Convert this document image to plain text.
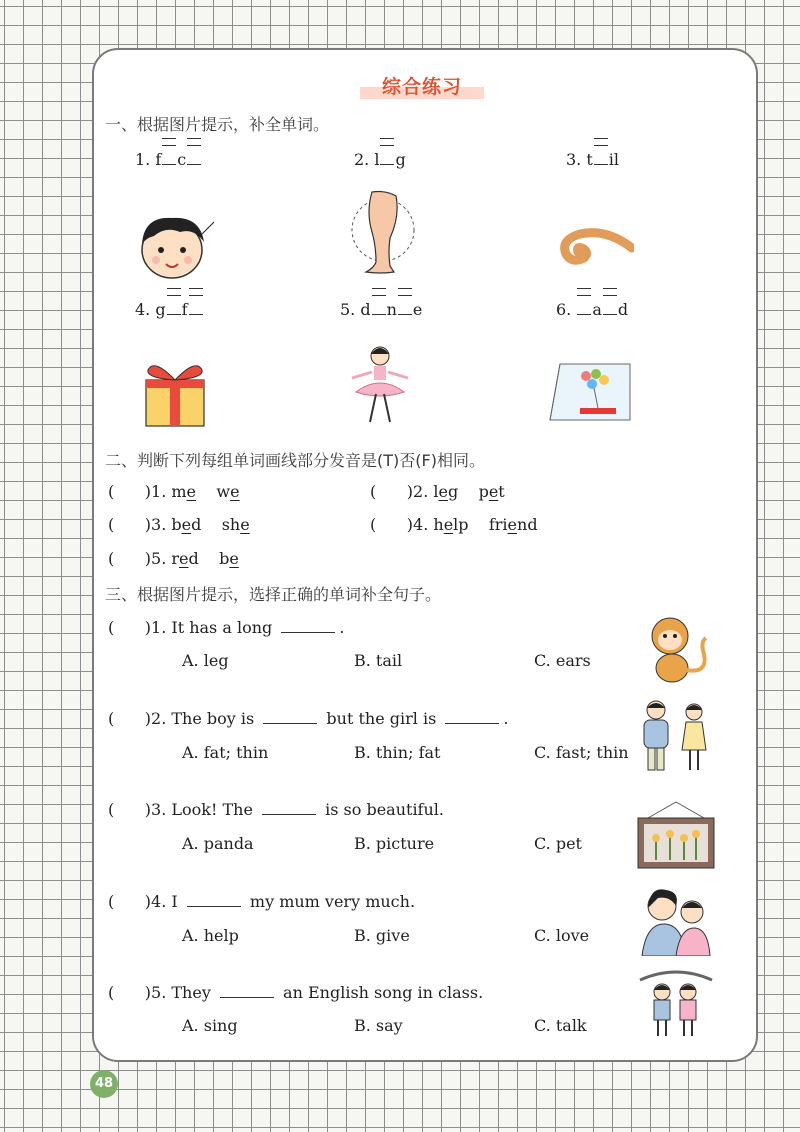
综合练习
一、根据图片提示，补全单词。
1. f c	2. l g	3. t il
4. g f	5. d n e	6. a d
二、判断下列每组单词画线部分发音是(T)否(F)相同。
(      )1. me we	(      )2. leg pet
(      )3. bed she	(      )4. help friend
(      )5. red be
三、根据图片提示，选择正确的单词补全句子。
(      )1. It has a long	.
A. leg	B. tail	C. ears
(      )2. The boy is	but the girl is	.
A. fat; thin	B. thin; fat	C. fast; thin
(      )3. Look! The	is so beautiful.
A. panda	B. picture	C. pet
(      )4. I	my mum very much.
A. help	B. give	C. love
(      )5. They	an English song in class.
A. sing	B. say	C. talk
48
